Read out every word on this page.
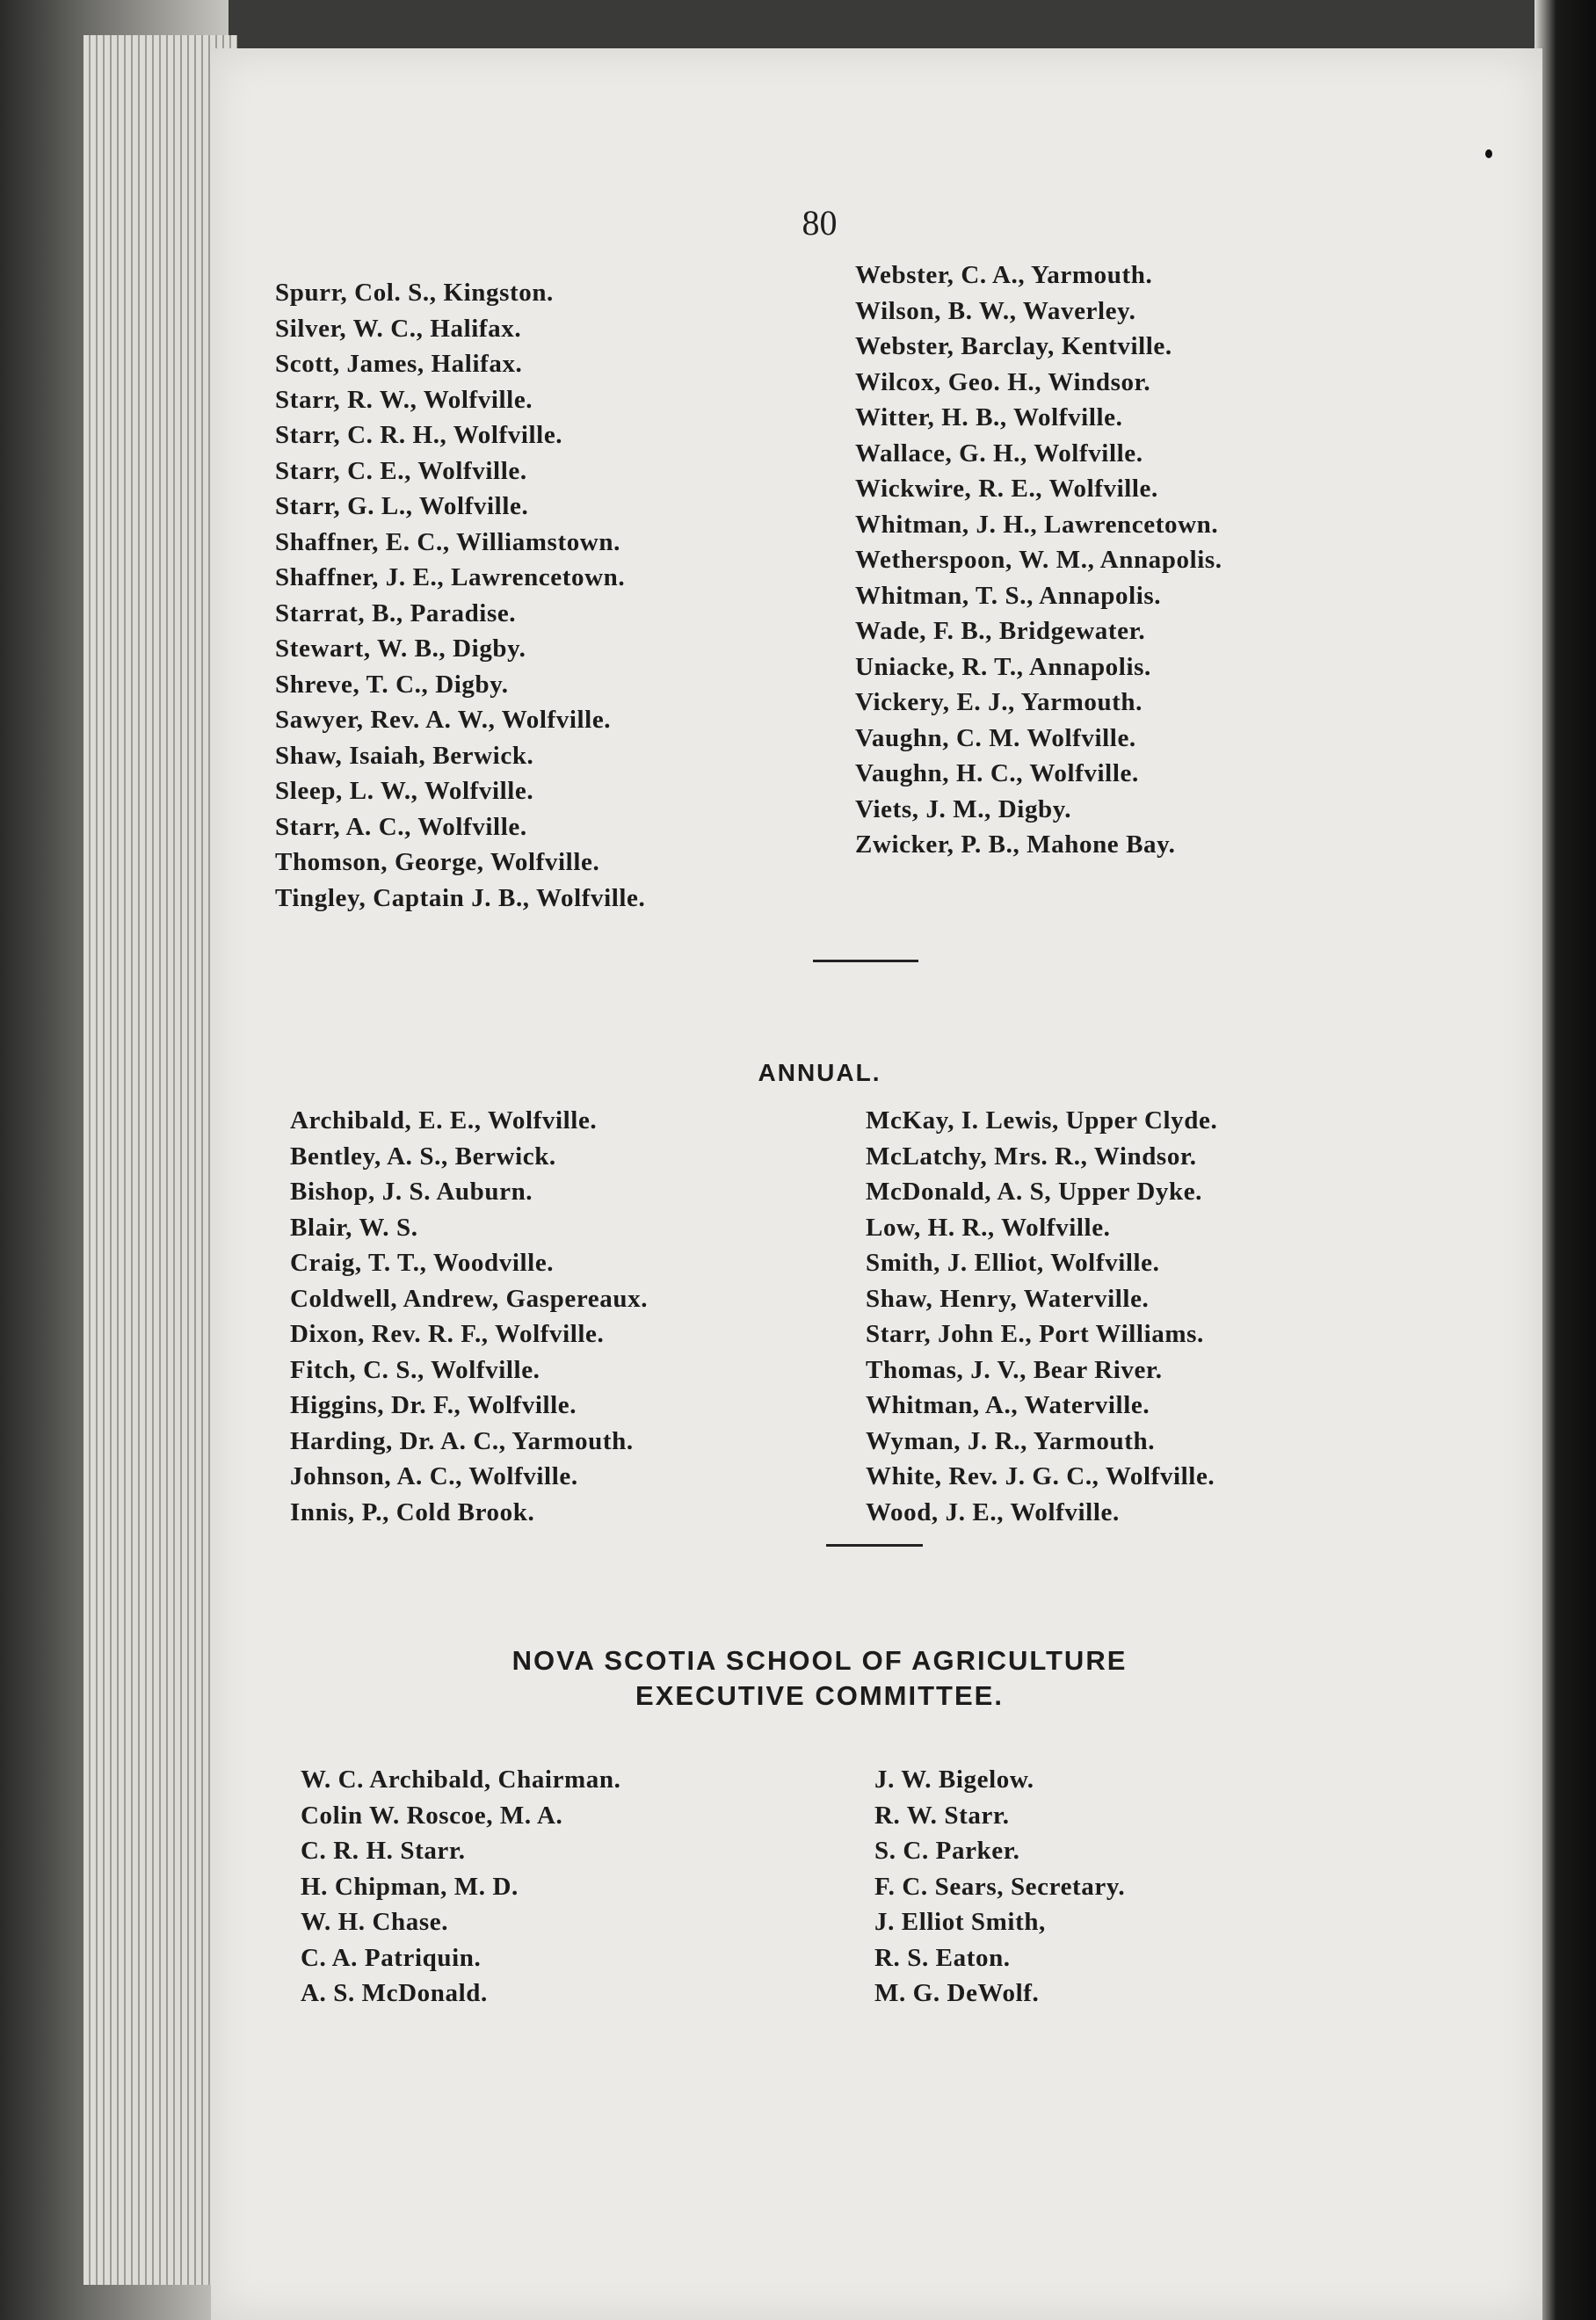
80
Spurr, Col. S., Kingston.
Silver, W. C., Halifax.
Scott, James, Halifax.
Starr, R. W., Wolfville.
Starr, C. R. H., Wolfville.
Starr, C. E., Wolfville.
Starr, G. L., Wolfville.
Shaffner, E. C., Williamstown.
Shaffner, J. E., Lawrencetown.
Starrat, B., Paradise.
Stewart, W. B., Digby.
Shreve, T. C., Digby.
Sawyer, Rev. A. W., Wolfville.
Shaw, Isaiah, Berwick.
Sleep, L. W., Wolfville.
Starr, A. C., Wolfville.
Thomson, George, Wolfville.
Tingley, Captain J. B., Wolfville.
Webster, C. A., Yarmouth.
Wilson, B. W., Waverley.
Webster, Barclay, Kentville.
Wilcox, Geo. H., Windsor.
Witter, H. B., Wolfville.
Wallace, G. H., Wolfville.
Wickwire, R. E., Wolfville.
Whitman, J. H., Lawrencetown.
Wetherspoon, W. M., Annapolis.
Whitman, T. S., Annapolis.
Wade, F. B., Bridgewater.
Uniacke, R. T., Annapolis.
Vickery, E. J., Yarmouth.
Vaughn, C. M. Wolfville.
Vaughn, H. C., Wolfville.
Viets, J. M., Digby.
Zwicker, P. B., Mahone Bay.
ANNUAL.
Archibald, E. E., Wolfville.
Bentley, A. S., Berwick.
Bishop, J. S. Auburn.
Blair, W. S.
Craig, T. T., Woodville.
Coldwell, Andrew, Gaspereaux.
Dixon, Rev. R. F., Wolfville.
Fitch, C. S., Wolfville.
Higgins, Dr. F., Wolfville.
Harding, Dr. A. C., Yarmouth.
Johnson, A. C., Wolfville.
Innis, P., Cold Brook.
McKay, I. Lewis, Upper Clyde.
McLatchy, Mrs. R., Windsor.
McDonald, A. S, Upper Dyke.
Low, H. R., Wolfville.
Smith, J. Elliot, Wolfville.
Shaw, Henry, Waterville.
Starr, John E., Port Williams.
Thomas, J. V., Bear River.
Whitman, A., Waterville.
Wyman, J. R., Yarmouth.
White, Rev. J. G. C., Wolfville.
Wood, J. E., Wolfville.
NOVA SCOTIA SCHOOL OF AGRICULTURE
EXECUTIVE COMMITTEE.
W. C. Archibald, Chairman.
Colin W. Roscoe, M. A.
C. R. H. Starr.
H. Chipman, M. D.
W. H. Chase.
C. A. Patriquin.
A. S. McDonald.
J. W. Bigelow.
R. W. Starr.
S. C. Parker.
F. C. Sears, Secretary.
J. Elliot Smith,
R. S. Eaton.
M. G. DeWolf.
